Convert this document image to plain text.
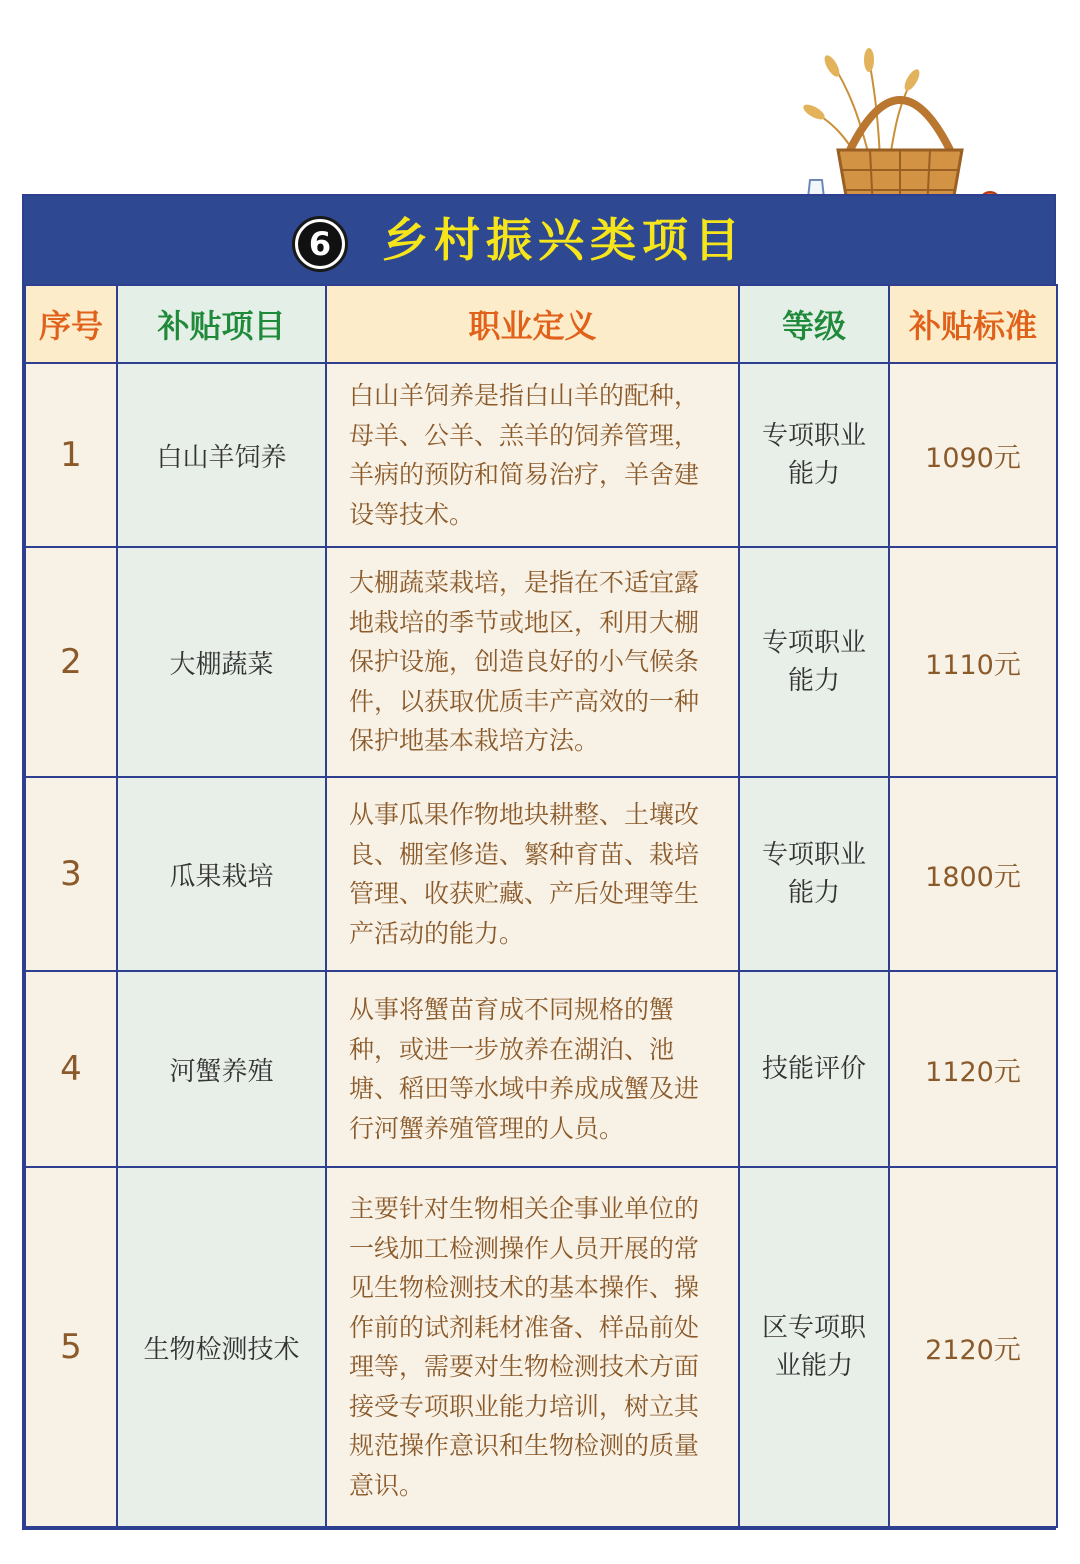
6 乡村振兴类项目
序号	补贴项目	职业定义	等级	补贴标准
1	白山羊饲养	白山羊饲养是指白山羊的配种，母羊、公羊、羔羊的饲养管理，羊病的预防和简易治疗，羊舍建设等技术。	专项职业能力	1090元
2	大棚蔬菜	大棚蔬菜栽培，是指在不适宜露地栽培的季节或地区，利用大棚保护设施，创造良好的小气候条件，以获取优质丰产高效的一种保护地基本栽培方法。	专项职业能力	1110元
3	瓜果栽培	从事瓜果作物地块耕整、土壤改良、棚室修造、繁种育苗、栽培管理、收获贮藏、产后处理等生产活动的能力。	专项职业能力	1800元
4	河蟹养殖	从事将蟹苗育成不同规格的蟹种，或进一步放养在湖泊、池塘、稻田等水域中养成成蟹及进行河蟹养殖管理的人员。	技能评价	1120元
5	生物检测技术	主要针对生物相关企事业单位的一线加工检测操作人员开展的常见生物检测技术的基本操作、操作前的试剂耗材准备、样品前处理等，需要对生物检测技术方面接受专项职业能力培训，树立其规范操作意识和生物检测的质量意识。	区专项职业能力	2120元
